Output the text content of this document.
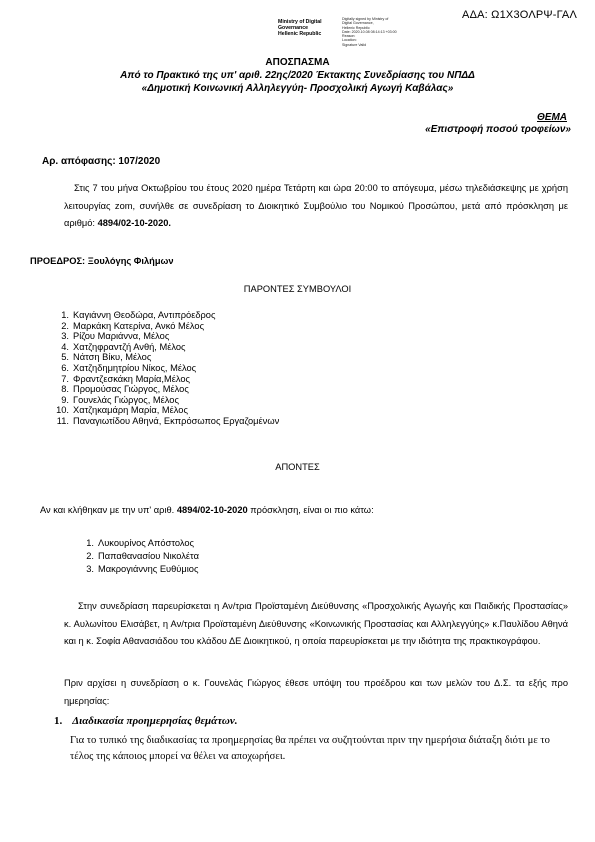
ΑΔΑ: Ω1Χ3ΟΛΡΨ-ΓΑΛ
Ministry of Digital
Governance
Hellenic Republic
Digitally signed by Ministry of
Digital Governance,
Hellenic Republic
Date: 2020.10.08 08:14:13 +03:00
Reason:
Location:
Signature Valid
ΑΠΟΣΠΑΣΜΑ
Από το Πρακτικό της υπ' αριθ. 22ης/2020 Έκτακτης Συνεδρίασης του ΝΠΔΔ
«Δημοτική Κοινωνική Αλληλεγγύη- Προσχολική Αγωγή Καβάλας»
ΘΕΜΑ
«Επιστροφή ποσού τροφείων»
Αρ. απόφασης: 107/2020
Στις 7 του μήνα Οκτωβρίου του έτους 2020 ημέρα Τετάρτη και ώρα 20:00 το απόγευμα, μέσω τηλεδιάσκεψης με χρήση λειτουργίας zom, συνήλθε σε συνεδρίαση το Διοικητικό Συμβούλιο του Νομικού Προσώπου, μετά από πρόσκληση με αριθμό: 4894/02-10-2020.
ΠΡΟΕΔΡΟΣ: Ξουλόγης Φιλήμων
ΠΑΡΟΝΤΕΣ ΣΥΜΒΟΥΛΟΙ
1. Καγιάννη Θεοδώρα, Αντιπρόεδρος
2. Μαρκάκη Κατερίνα, Ανκό Μέλος
3. Ρίζου Μαριάννα, Μέλος
4. Χατζηφραντζή Ανθή, Μέλος
5. Νάτση Βίκυ, Μέλος
6. Χατζηδημητρίου Νίκος, Μέλος
7. Φραντζεσκάκη Μαρία,Μέλος
8. Προμούσας Γιώργος, Μέλος
9. Γουνελάς Γιώργος, Μέλος
10. Χατζηκαμάρη Μαρία, Μέλος
11. Παναγιωτίδου Αθηνά, Εκπρόσωπος Εργαζομένων
ΑΠΟΝΤΕΣ
Αν και κλήθηκαν με την υπ' αριθ. 4894/02-10-2020 πρόσκληση, είναι οι πιο κάτω:
1. Λυκουρίνος Απόστολος
2. Παπαθανασίου Νικολέτα
3. Μακρογιάννης Ευθύμιος
Στην συνεδρίαση παρευρίσκεται η Αν/τρια Προϊσταμένη Διεύθυνσης «Προσχολικής Αγωγής και Παιδικής Προστασίας» κ. Αυλωνίτου Ελισάβετ, η Αν/τρια Προϊσταμένη Διεύθυνσης «Κοινωνικής Προστασίας και Αλληλεγγύης» κ.Παυλίδου Αθηνά και η κ. Σοφία Αθανασιάδου του κλάδου ΔΕ Διοικητικού, η οποία παρευρίσκεται με την ιδιότητα της πρακτικογράφου.
Πριν αρχίσει η συνεδρίαση ο κ. Γουνελάς Γιώργος έθεσε υπόψη του προέδρου και των μελών του Δ.Σ. τα εξής προ ημερησίας:
1. Διαδικασία προημερησίας θεμάτων.
Για το τυπικό της διαδικασίας τα προημερησίας θα πρέπει να συζητούνται πριν την ημερήσια διάταξη διότι με το τέλος της κάποιος μπορεί να θέλει να αποχωρήσει.
